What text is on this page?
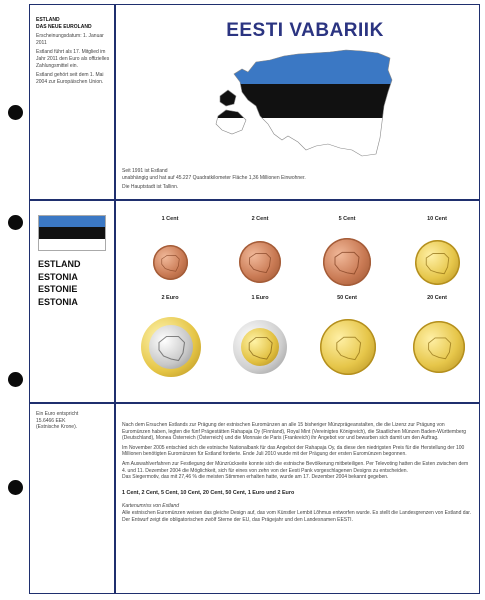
ESTLAND
DAS NEUE EUROLAND
Erscheinungsdatum: 1. Januar 2011
Estland führt als 17. Mitglied im Jahr 2011 den Euro als offizielles Zahlungsmittel ein.
Estland gehört seit dem 1. Mai 2004 zur Europäischen Union.
EESTI VABARIIK
Seit 1991 ist Estland
unabhängig und hat auf 45.227 Quadratkilometer Fläche 1,36 Millionen Einwohner.
Die Hauptstadt ist Tallinn.
ESTLAND
ESTONIA
ESTONIE
ESTONIA
1 Cent	2 Cent	5 Cent	10 Cent
2 Euro	1 Euro	50 Cent	20 Cent
Ein Euro entspricht
15.6466 EEK
(Estnische Krone).	Nach dem Ersuchen Estlands zur Prägung der estnischen Euromünzen an alle 15 bisheriger Münzprägeanstalten, die die Lizenz zur Prägung von Euromünzen haben, legten die fünf Prägestätten Rahapaja Oy (Finnland), Royal Mint (Vereinigtes Königreich), die Staatlichen Münzen Baden-Württemberg (Deutschland), Monea Österreich (Österreich) und die Monnaie de Paris (Frankreich) ihr Angebot vor und bewarben sich damit um den Auftrag.
Im November 2005 entschied sich die estnische Nationalbank für das Angebot der Rahapaja Oy, da diese den niedrigsten Preis für die Herstellung der 100 Millionen benötigten Euromünzen für Estland forderte. Ende Juli 2010 wurde mit der Prägung der ersten Euromünzen begonnen.
Am Auswahlverfahren zur Festlegung der Münzrückseite konnte sich die estnische Bevölkerung mitbeteiligen. Per Televoting hatten die Esten zwischen dem 4. und 11. Dezember 2004 die Möglichkeit, sich für eines von zehn von der Eesti Pank vorgeschlagenen Designs zu entscheiden.
Das Siegermotiv, das mit 27,46 % die meisten Stimmen erhalten hatte, wurde am 17. Dezember 2004 bekannt gegeben.
1 Cent, 2 Cent, 5 Cent, 10 Cent, 20 Cent, 50 Cent, 1 Euro und 2 Euro
Kartenumriss von Estland
Alle estnischen Euromünzen weisen das gleiche Design auf, das vom Künstler Lembit Lõhmus entworfen wurde. Es stellt die Landesgrenzen von Estland dar. Der Entwurf zeigt die obligatorischen zwölf Sterne der EU, das Prägejahr und den Landesnamen EESTI.
